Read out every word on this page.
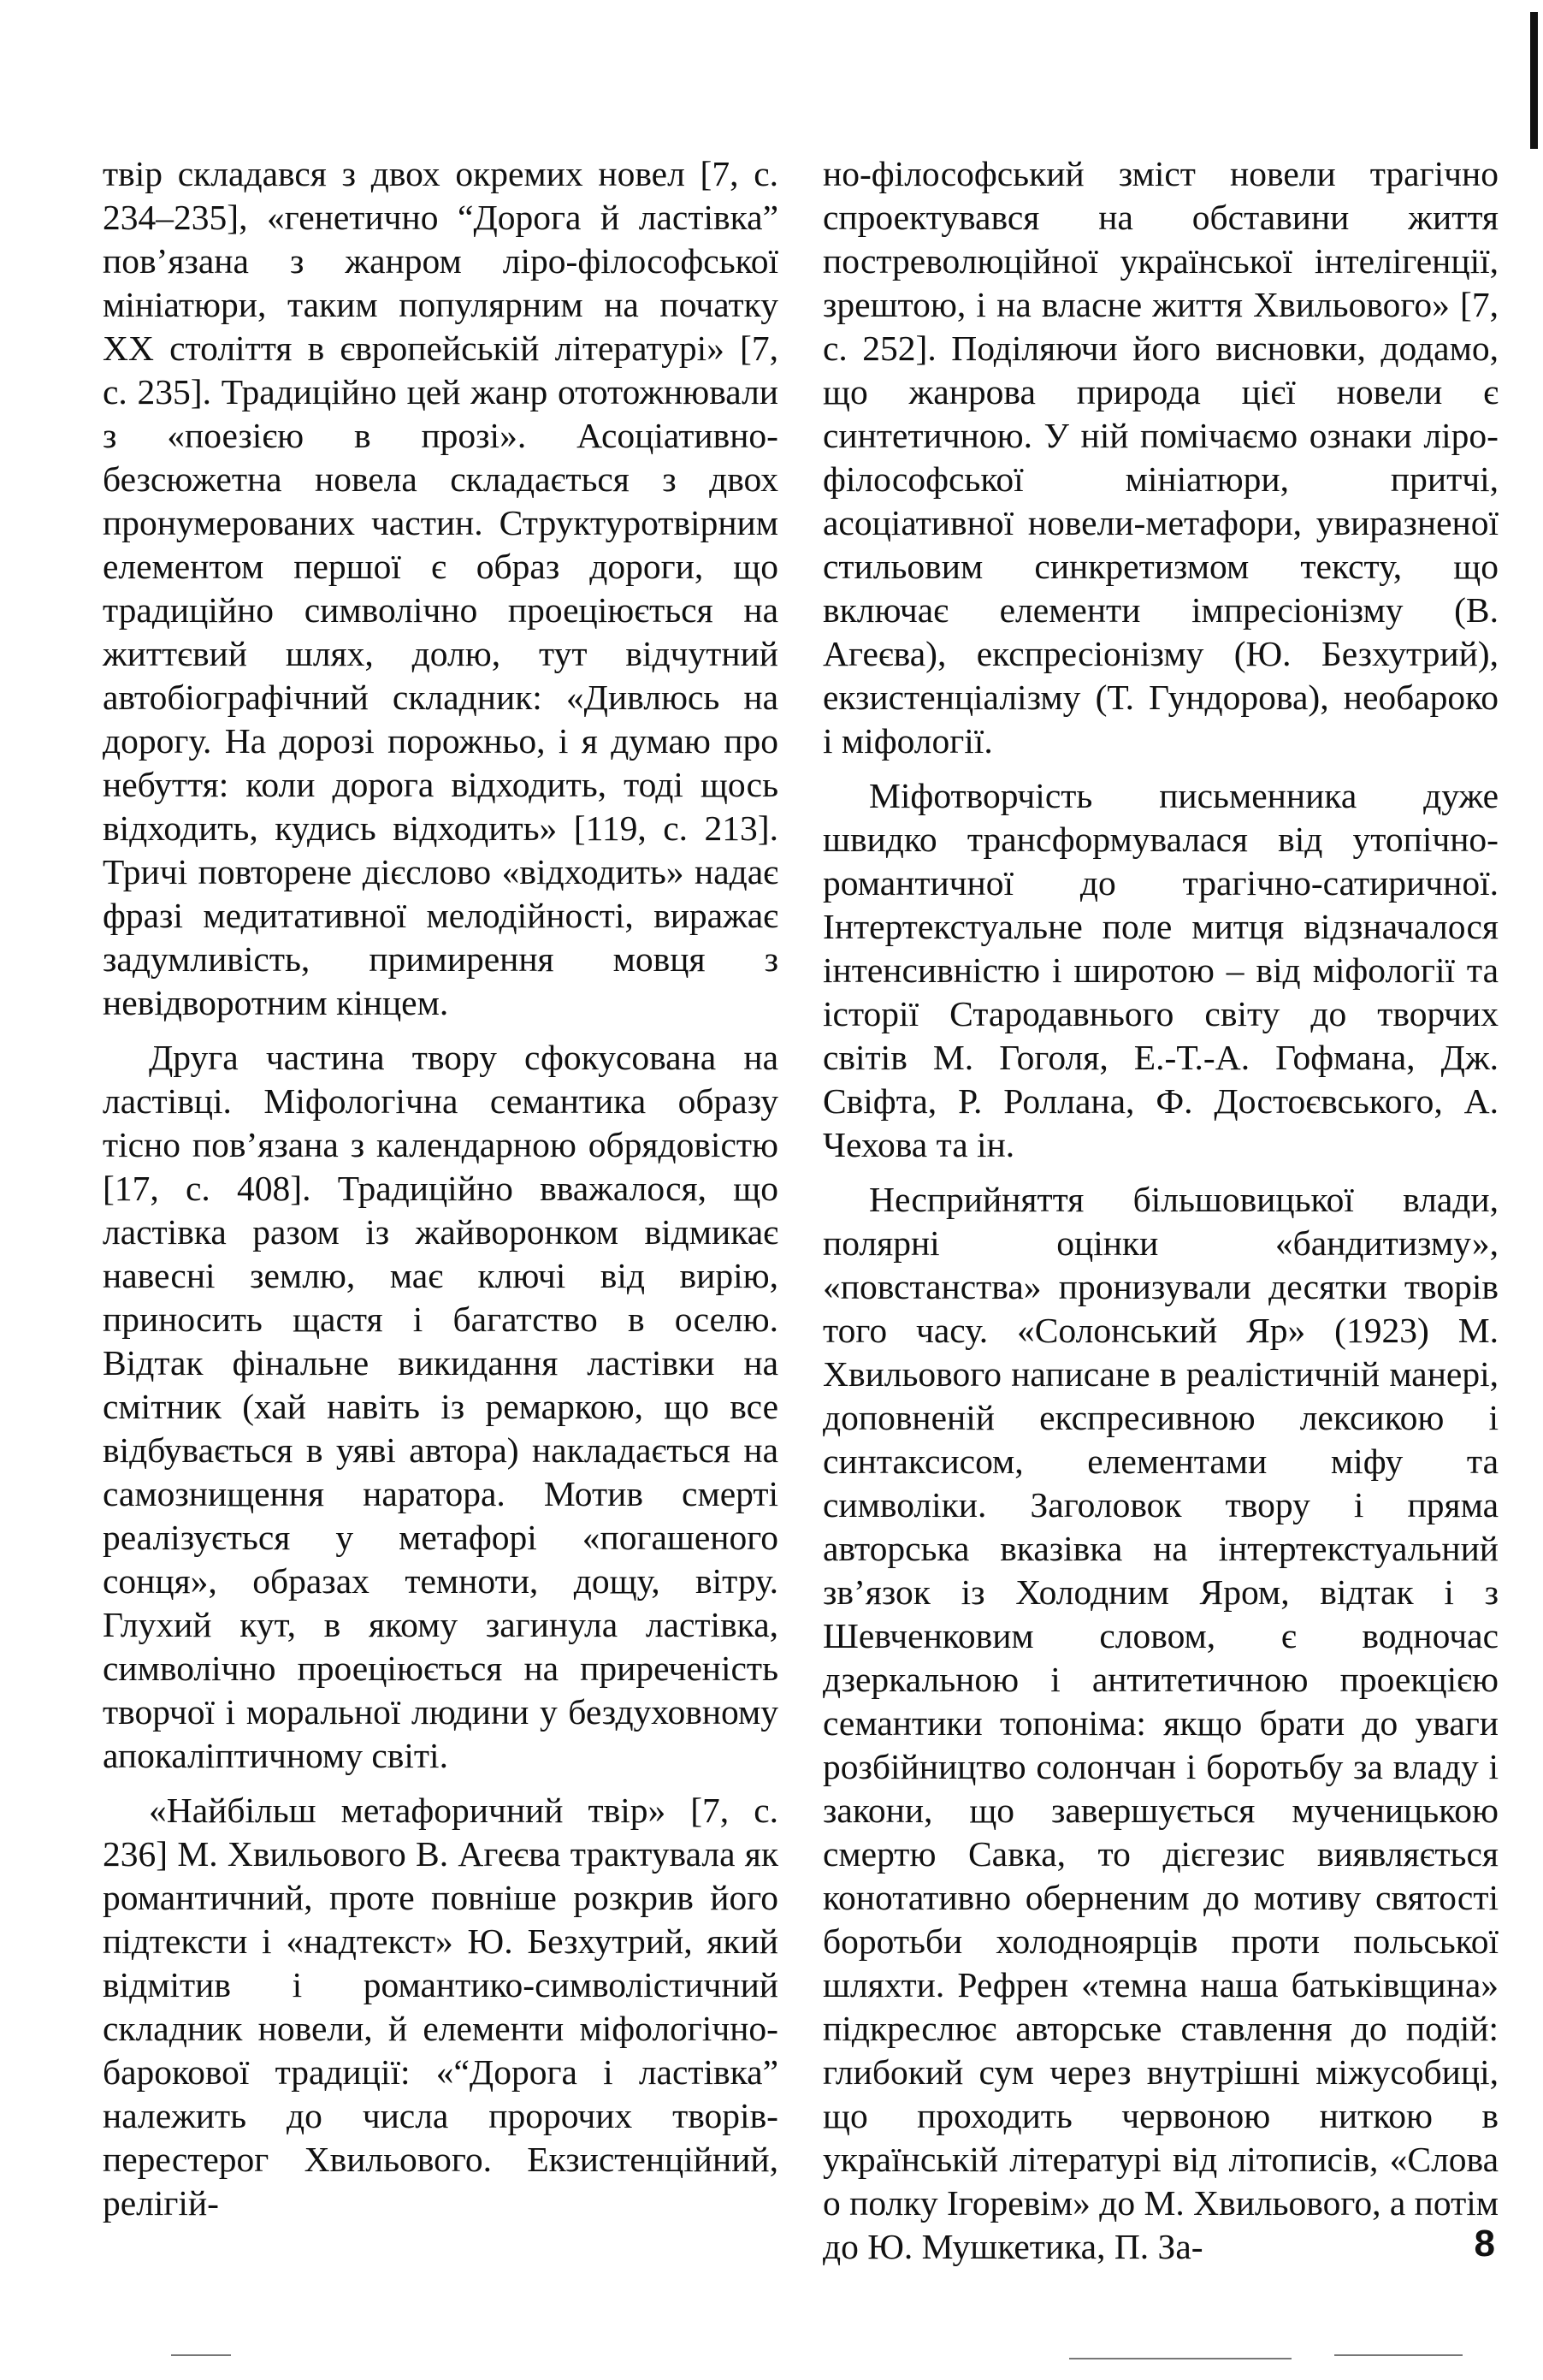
твір складався з двох окремих новел [7, с. 234–235], «генетично “Дорога й ластівка” пов’язана з жанром ліро-філософської мініатюри, таким популярним на початку XX століття в європейській літературі» [7, с. 235]. Традиційно цей жанр ототожнювали з «поезією в прозі». Асоціативно-безсюжетна новела складається з двох пронумерованих частин. Структуротвірним елементом першої є образ дороги, що традиційно символічно проеціюється на життєвий шлях, долю, тут відчутний автобіографічний складник: «Дивлюсь на дорогу. На дорозі порожньо, і я думаю про небуття: коли дорога відходить, тоді щось відходить, кудись відходить» [119, с. 213]. Тричі повторене дієслово «відходить» надає фразі медитативної мелодійності, виражає задумливість, примирення мовця з невідворотним кінцем.

Друга частина твору сфокусована на ластівці. Міфологічна семантика образу тісно пов’язана з календарною обрядовістю [17, с. 408]. Традиційно вважалося, що ластівка разом із жайворонком відмикає навесні землю, має ключі від вирію, приносить щастя і багатство в оселю. Відтак фінальне викидання ластівки на смітник (хай навіть із ремаркою, що все відбувається в уяві автора) накладається на самознищення наратора. Мотив смерті реалізується у метафорі «погашеного сонця», образах темноти, дощу, вітру. Глухий кут, в якому загинула ластівка, символічно проеціюється на приреченість творчої і моральної людини у бездуховному апокаліптичному світі.

«Найбільш метафоричний твір» [7, с. 236] М. Хвильового В. Агеєва трактувала як романтичний, проте повніше розкрив його підтексти і «надтекст» Ю. Безхутрий, який відмітив і романтико-символістичний складник новели, й елементи міфологічно-барокової традиції: «“Дорога і ластівка” належить до числа пророчих творів-перестерог Хвильового. Екзистенційний, релігій-

но-філософський зміст новели трагічно спроектувався на обставини життя постреволюційної української інтелігенції, зрештою, і на власне життя Хвильового» [7, с. 252]. Поділяючи його висновки, додамо, що жанрова природа цієї новели є синтетичною. У ній помічаємо ознаки ліро-філософської мініатюри, притчі, асоціативної новели-метафори, увиразненої стильовим синкретизмом тексту, що включає елементи імпресіонізму (В. Агеєва), експресіонізму (Ю. Безхутрий), екзистенціалізму (Т. Гундорова), необароко і міфології.

Міфотворчість письменника дуже швидко трансформувалася від утопічно-романтичної до трагічно-сатиричної. Інтертекстуальне поле митця відзначалося інтенсивністю і широтою – від міфології та історії Стародавнього світу до творчих світів М. Гоголя, Е.-Т.-А. Гофмана, Дж. Свіфта, Р. Роллана, Ф. Достоєвського, А. Чехова та ін.

Несприйняття більшовицької влади, полярні оцінки «бандитизму», «повстанства» пронизували десятки творів того часу. «Солонський Яр» (1923) М. Хвильового написане в реалістичній манері, доповненій експресивною лексикою і синтаксисом, елементами міфу та символіки. Заголовок твору і пряма авторська вказівка на інтертекстуальний зв’язок із Холодним Яром, відтак і з Шевченковим словом, є водночас дзеркальною і антитетичною проекцією семантики топоніма: якщо брати до уваги розбійництво солончан і боротьбу за владу і закони, що завершується мученицькою смертю Савка, то дієгезис виявляється конотативно оберненим до мотиву святості боротьби холодноярців проти польської шляхти. Рефрен «темна наша батьківщина» підкреслює авторське ставлення до подій: глибокий сум через внутрішні міжусобиці, що проходить червоною ниткою в українській літературі від літописів, «Слова о полку Ігоревім» до М. Хвильового, а потім до Ю. Мушкетика, П. За-	8
